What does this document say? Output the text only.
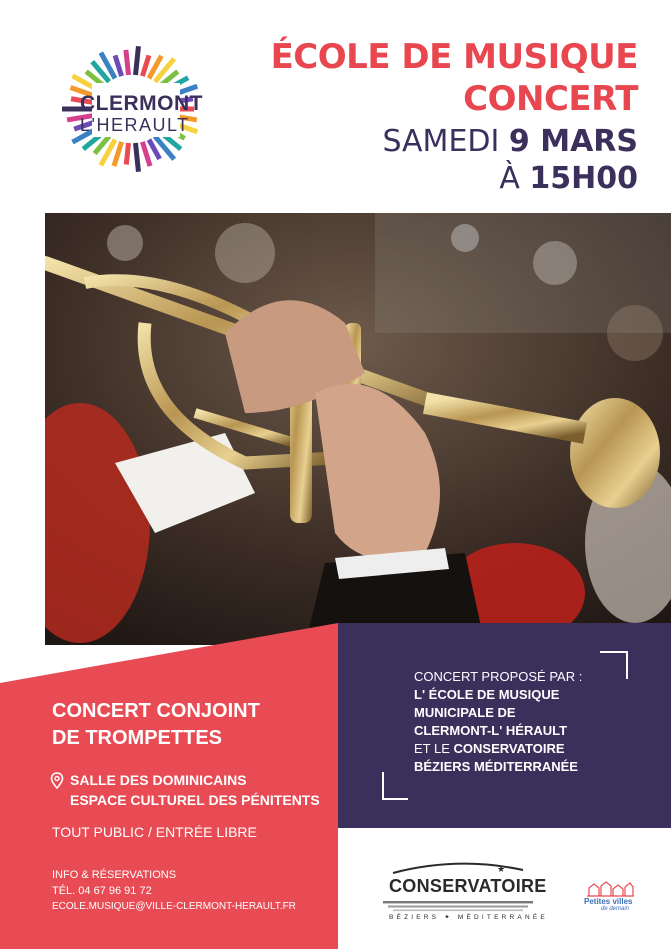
CLERMONT
L'HERAULT
ÉCOLE DE MUSIQUE
CONCERT
SAMEDI 9 MARS
À 15H00
CONCERT PROPOSÉ PAR :
L' ÉCOLE DE MUSIQUE
MUNICIPALE DE
CLERMONT-L' HÉRAULT
ET LE CONSERVATOIRE
BÉZIERS MÉDITERRANÉE
CONCERT CONJOINT
DE TROMPETTES
SALLE DES DOMINICAINS
ESPACE CULTUREL DES PÉNITENTS
TOUT PUBLIC / ENTRÉE LIBRE
INFO & RÉSERVATIONS
TÉL. 04 67 96 91 72
ECOLE.MUSIQUE@VILLE-CLERMONT-HERAULT.FR
★
CONSERVATOIRE
BÉZIERS ✦ MÉDITERRANÉE
Petites villes
de demain
